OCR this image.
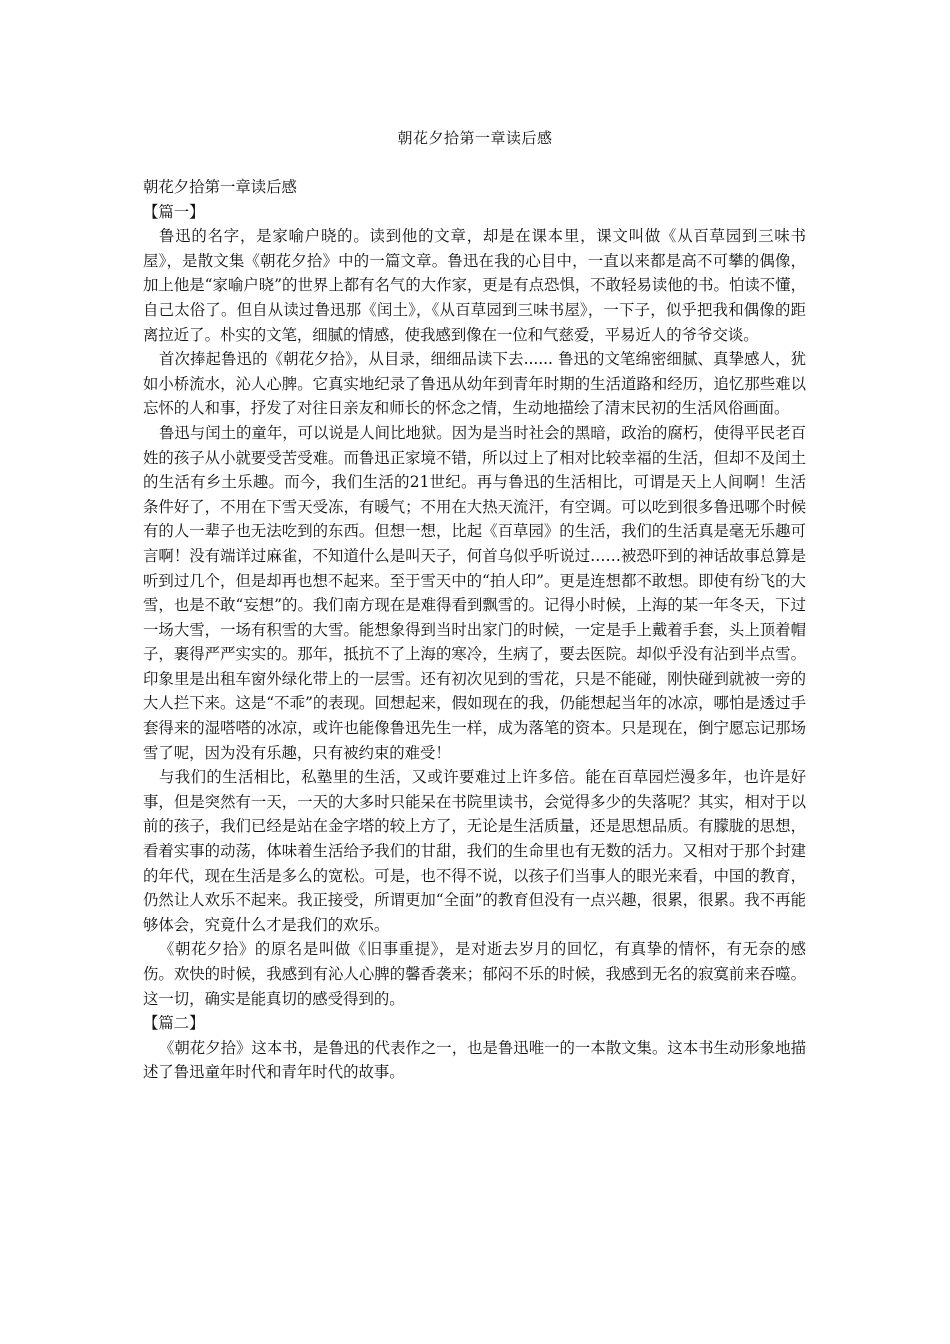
朝花夕拾第一章读后感

朝花夕拾第一章读后感

【篇一】

鲁迅的名字，是家喻户晓的。读到他的文章，却是在课本里，课文叫做《从百草园到三味书屋》，是散文集《朝花夕拾》中的一篇文章。鲁迅在我的心目中，一直以来都是高不可攀的偶像，加上他是“家喻户晓”的世界上都有名气的大作家，更是有点恐惧，不敢轻易读他的书。怕读不懂，自己太俗了。但自从读过鲁迅那《闰土》，《从百草园到三味书屋》，一下子，似乎把我和偶像的距离拉近了。朴实的文笔，细腻的情感，使我感到像在一位和气慈爱，平易近人的爷爷交谈。

首次捧起鲁迅的《朝花夕拾》，从目录，细细品读下去...... 鲁迅的文笔绵密细腻、真挚感人，犹如小桥流水，沁人心脾。它真实地纪录了鲁迅从幼年到青年时期的生活道路和经历，追忆那些难以忘怀的人和事，抒发了对往日亲友和师长的怀念之情，生动地描绘了清末民初的生活风俗画面。

鲁迅与闰土的童年，可以说是人间比地狱。因为是当时社会的黑暗，政治的腐朽，使得平民老百姓的孩子从小就要受苦受难。而鲁迅正家境不错，所以过上了相对比较幸福的生活，但却不及闰土的生活有乡土乐趣。而今，我们生活的21世纪。再与鲁迅的生活相比，可谓是天上人间啊！生活条件好了，不用在下雪天受冻，有暖气；不用在大热天流汗，有空调。可以吃到很多鲁迅哪个时候有的人一辈子也无法吃到的东西。但想一想，比起《百草园》的生活，我们的生活真是毫无乐趣可言啊！没有端详过麻雀，不知道什么是叫天子，何首乌似乎听说过……被恐吓到的神话故事总算是听到过几个，但是却再也想不起来。至于雪天中的“拍人印”。更是连想都不敢想。即使有纷飞的大雪，也是不敢“妄想”的。我们南方现在是难得看到飘雪的。记得小时候，上海的某一年冬天，下过一场大雪，一场有积雪的大雪。能想象得到当时出家门的时候，一定是手上戴着手套，头上顶着帽子，裹得严严实实的。那年，抵抗不了上海的寒冷，生病了，要去医院。却似乎没有沾到半点雪。印象里是出租车窗外绿化带上的一层雪。还有初次见到的雪花，只是不能碰，刚快碰到就被一旁的大人拦下来。这是“不乖”的表现。回想起来，假如现在的我，仍能想起当年的冰凉，哪怕是透过手套得来的湿嗒嗒的冰凉，或许也能像鲁迅先生一样，成为落笔的资本。只是现在，倒宁愿忘记那场雪了呢，因为没有乐趣，只有被约束的难受！

与我们的生活相比，私塾里的生活，又或许要难过上许多倍。能在百草园烂漫多年，也许是好事，但是突然有一天，一天的大多时只能呆在书院里读书，会觉得多少的失落呢？其实，相对于以前的孩子，我们已经是站在金字塔的较上方了，无论是生活质量，还是思想品质。有朦胧的思想，看着实事的动荡，体味着生活给予我们的甘甜，我们的生命里也有无数的活力。又相对于那个封建的年代，现在生活是多么的宽松。可是，也不得不说，以孩子们当事人的眼光来看，中国的教育，仍然让人欢乐不起来。我正接受，所谓更加“全面”的教育但没有一点兴趣，很累，很累。我不再能够体会，究竟什么才是我们的欢乐。

《朝花夕拾》的原名是叫做《旧事重提》，是对逝去岁月的回忆，有真挚的情怀，有无奈的感伤。欢快的时候，我感到有沁人心脾的馨香袭来；郁闷不乐的时候，我感到无名的寂寞前来吞噬。这一切，确实是能真切的感受得到的。

【篇二】

《朝花夕拾》这本书，是鲁迅的代表作之一，也是鲁迅唯一的一本散文集。这本书生动形象地描述了鲁迅童年时代和青年时代的故事。
